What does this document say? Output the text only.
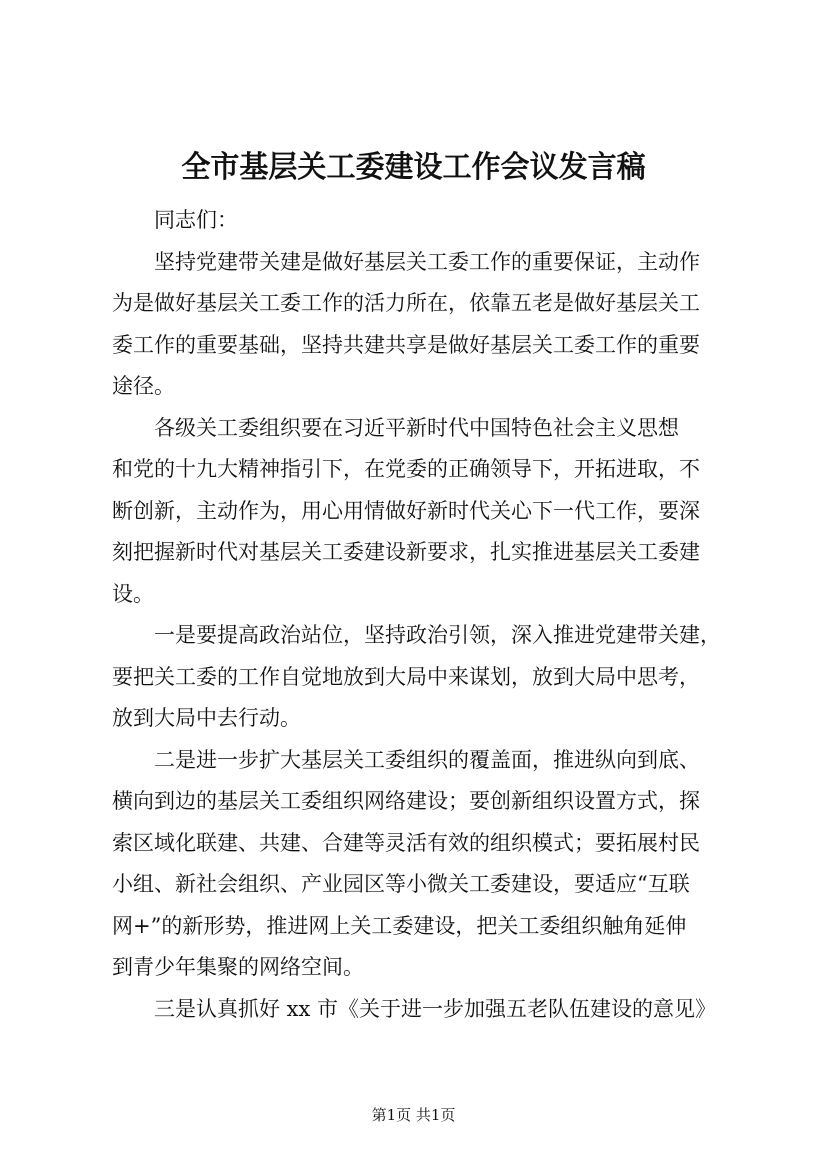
全市基层关工委建设工作会议发言稿
　　同志们：
　　坚持党建带关建是做好基层关工委工作的重要保证，主动作
为是做好基层关工委工作的活力所在，依靠五老是做好基层关工
委工作的重要基础，坚持共建共享是做好基层关工委工作的重要
途径。
　　各级关工委组织要在习近平新时代中国特色社会主义思想
和党的十九大精神指引下，在党委的正确领导下，开拓进取，不
断创新，主动作为，用心用情做好新时代关心下一代工作，要深
刻把握新时代对基层关工委建设新要求，扎实推进基层关工委建
设。
　　一是要提高政治站位，坚持政治引领，深入推进党建带关建，
要把关工委的工作自觉地放到大局中来谋划，放到大局中思考，
放到大局中去行动。
　　二是进一步扩大基层关工委组织的覆盖面，推进纵向到底、
横向到边的基层关工委组织网络建设；要创新组织设置方式，探
索区域化联建、共建、合建等灵活有效的组织模式；要拓展村民
小组、新社会组织、产业园区等小微关工委建设，要适应“互联
网+”的新形势，推进网上关工委建设，把关工委组织触角延伸
到青少年集聚的网络空间。
　　三是认真抓好 xx 市《关于进一步加强五老队伍建设的意见》
第1页 共1页
